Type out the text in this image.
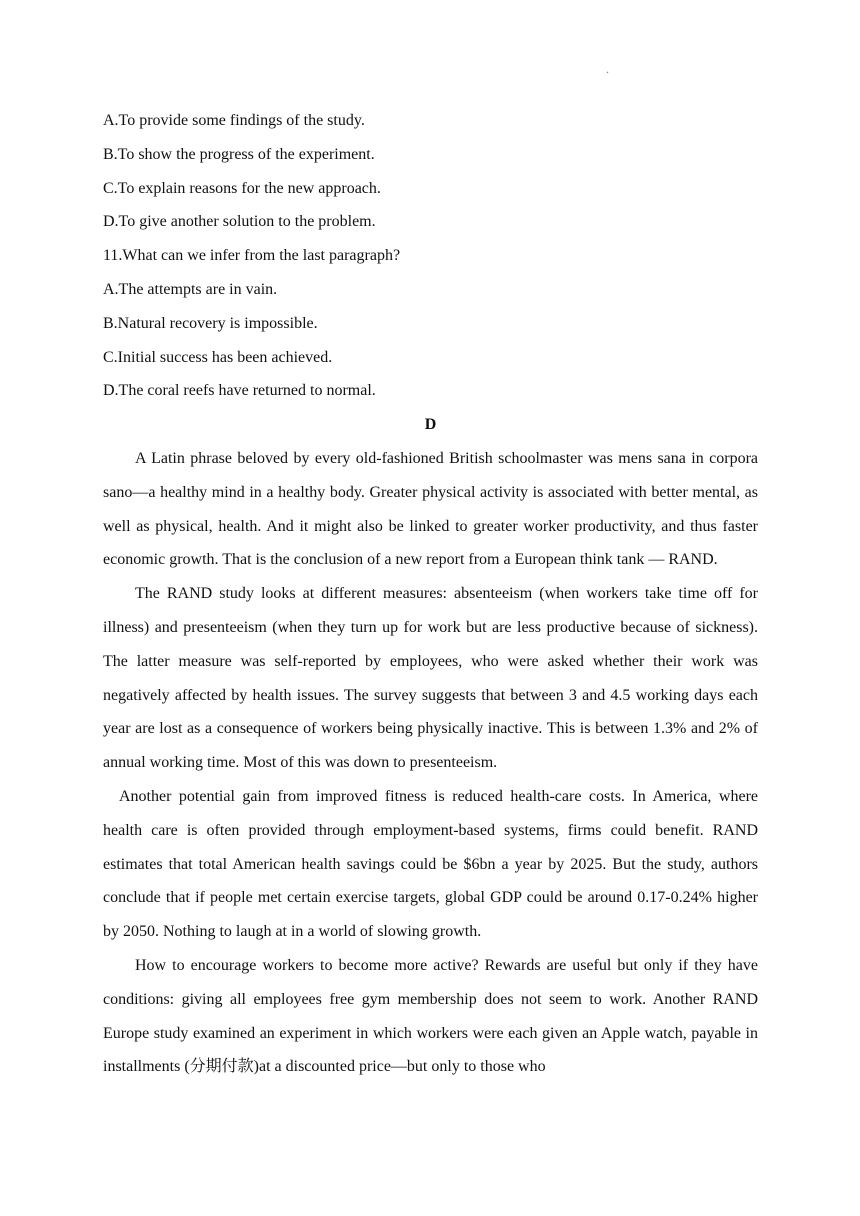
.

A.To provide some findings of the study.

B.To show the progress of the experiment.

C.To explain reasons for the new approach.

D.To give another solution to the problem.

11.What can we infer from the last paragraph?

A.The attempts are in vain.

B.Natural recovery is impossible.

C.Initial success has been achieved.

D.The coral reefs have returned to normal.

D

A Latin phrase beloved by every old-fashioned British schoolmaster was mens sana in corpora sano—a healthy mind in a healthy body. Greater physical activity is associated with better mental, as well as physical, health. And it might also be linked to greater worker productivity, and thus faster economic growth. That is the conclusion of a new report from a European think tank — RAND.

The RAND study looks at different measures: absenteeism (when workers take time off for illness) and presenteeism (when they turn up for work but are less productive because of sickness). The latter measure was self-reported by employees, who were asked whether their work was negatively affected by health issues. The survey suggests that between 3 and 4.5 working days each year are lost as a consequence of workers being physically inactive. This is between 1.3% and 2% of annual working time. Most of this was down to presenteeism.

Another potential gain from improved fitness is reduced health-care costs. In America, where health care is often provided through employment-based systems, firms could benefit. RAND estimates that total American health savings could be $6bn a year by 2025. But the study, authors conclude that if people met certain exercise targets, global GDP could be around 0.17-0.24% higher by 2050. Nothing to laugh at in a world of slowing growth.

How to encourage workers to become more active? Rewards are useful but only if they have conditions: giving all employees free gym membership does not seem to work. Another RAND Europe study examined an experiment in which workers were each given an Apple watch, payable in installments (分期付款)at a discounted price—but only to those who
